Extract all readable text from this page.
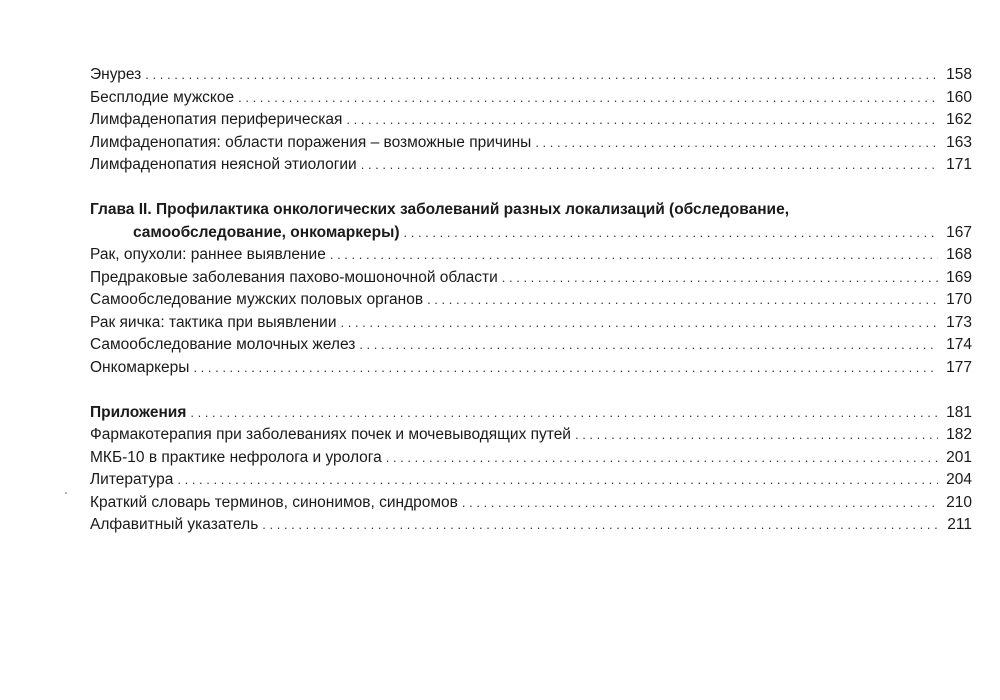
Энурез . . .	158
Бесплодие мужское . . .	160
Лимфаденопатия периферическая . . .	162
Лимфаденопатия: области поражения – возможные причины . . .	163
Лимфаденопатия неясной этиологии . . .	171
Глава II. Профилактика онкологических заболеваний разных локализаций (обследование,
самообследование, онкомаркеры) . . .	167
Рак, опухоли: раннее выявление . . .	168
Предраковые заболевания пахово-мошоночной области . . .	169
Самообследование мужских половых органов . . .	170
Рак яичка: тактика при выявлении . . .	173
Самообследование молочных желез . . .	174
Онкомаркеры . . .	177
Приложения . . .	181
Фармакотерапия при заболеваниях почек и мочевыводящих путей . . .	182
МКБ-10 в практике нефролога и уролога . . .	201
Литература . . .	204
Краткий словарь терминов, синонимов, синдромов . . .	210
Алфавитный указатель . . .	211
